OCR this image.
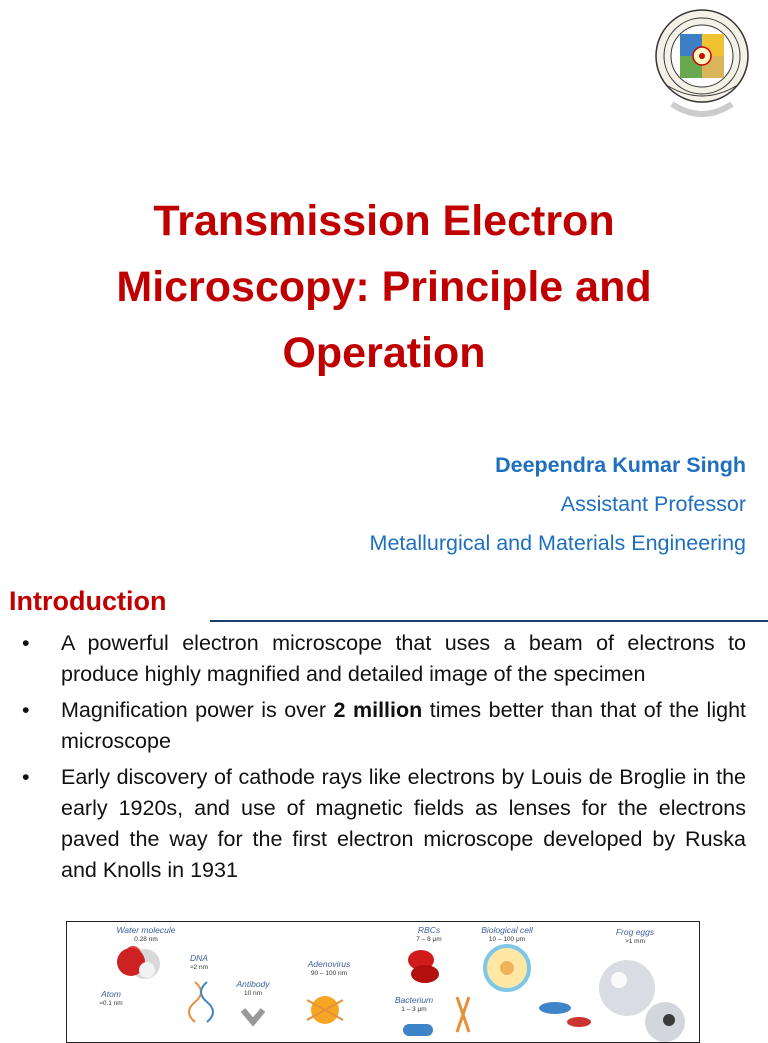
Transmission Electron
Microscopy: Principle and
Operation
Deependra Kumar Singh
Assistant Professor
Metallurgical and Materials Engineering
Introduction
• A powerful electron microscope that uses a beam of electrons to produce highly magnified and detailed image of the specimen
• Magnification power is over 2 million times better than that of the light microscope
• Early discovery of cathode rays like electrons by Louis de Broglie in the early 1920s, and use of magnetic fields as lenses for the electrons paved the way for the first electron microscope developed by Ruska and Knolls in 1931
Water molecule
0.28 nm
DNA
≈2 nm
Atom
≈0.1 nm
Antibody
10 nm
Adenovirus
90 – 100 nm
RBCs
7 – 8 μm
Bacterium
1 – 3 μm
Biological cell
10 – 100 μm
Frog eggs
>1 mm
